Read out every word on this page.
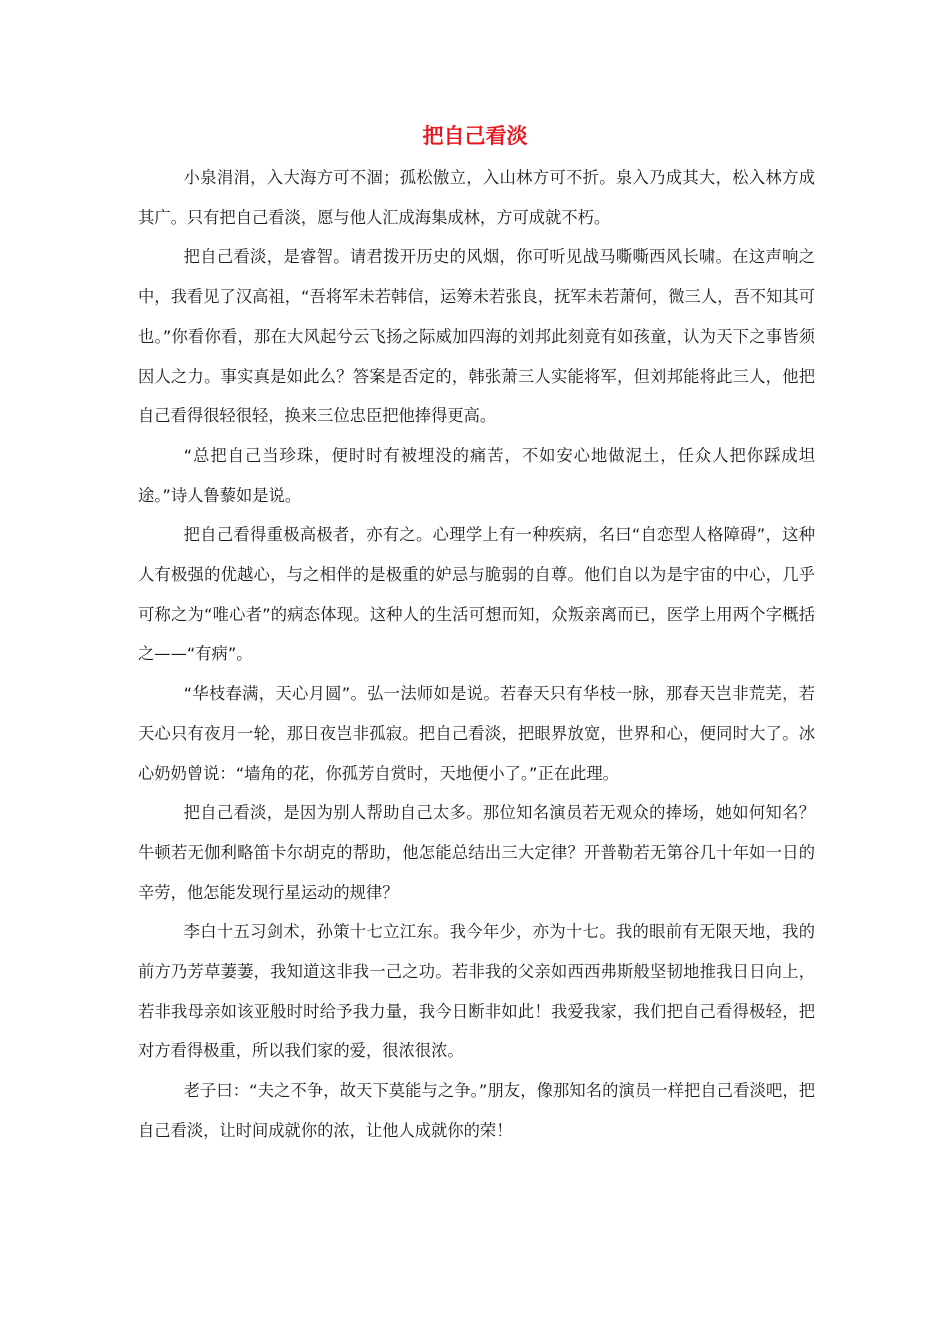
把自己看淡

小泉涓涓，入大海方可不涸；孤松傲立，入山林方可不折。泉入乃成其大，松入林方成其广。只有把自己看淡，愿与他人汇成海集成林，方可成就不朽。

把自己看淡，是睿智。请君拨开历史的风烟，你可听见战马嘶嘶西风长啸。在这声响之中，我看见了汉高祖，“吾将军未若韩信，运筹未若张良，抚军未若萧何，微三人，吾不知其可也。”你看你看，那在大风起兮云飞扬之际威加四海的刘邦此刻竟有如孩童，认为天下之事皆须因人之力。事实真是如此么？答案是否定的，韩张萧三人实能将军，但刘邦能将此三人，他把自己看得很轻很轻，换来三位忠臣把他捧得更高。

“总把自己当珍珠，便时时有被埋没的痛苦，不如安心地做泥土，任众人把你踩成坦途。”诗人鲁藜如是说。

把自己看得重极高极者，亦有之。心理学上有一种疾病，名曰“自恋型人格障碍”，这种人有极强的优越心，与之相伴的是极重的妒忌与脆弱的自尊。他们自以为是宇宙的中心，几乎可称之为“唯心者”的病态体现。这种人的生活可想而知，众叛亲离而已，医学上用两个字概括之——“有病”。

“华枝春满，天心月圆”。弘一法师如是说。若春天只有华枝一脉，那春天岂非荒芜，若天心只有夜月一轮，那日夜岂非孤寂。把自己看淡，把眼界放宽，世界和心，便同时大了。冰心奶奶曾说：“墙角的花，你孤芳自赏时，天地便小了。”正在此理。

把自己看淡，是因为别人帮助自己太多。那位知名演员若无观众的捧场，她如何知名？牛顿若无伽利略笛卡尔胡克的帮助，他怎能总结出三大定律？开普勒若无第谷几十年如一日的辛劳，他怎能发现行星运动的规律？

李白十五习剑术，孙策十七立江东。我今年少，亦为十七。我的眼前有无限天地，我的前方乃芳草萋萋，我知道这非我一己之功。若非我的父亲如西西弗斯般坚韧地推我日日向上，若非我母亲如该亚般时时给予我力量，我今日断非如此！我爱我家，我们把自己看得极轻，把对方看得极重，所以我们家的爱，很浓很浓。

老子曰：“夫之不争，故天下莫能与之争。”朋友，像那知名的演员一样把自己看淡吧，把自己看淡，让时间成就你的浓，让他人成就你的荣！
